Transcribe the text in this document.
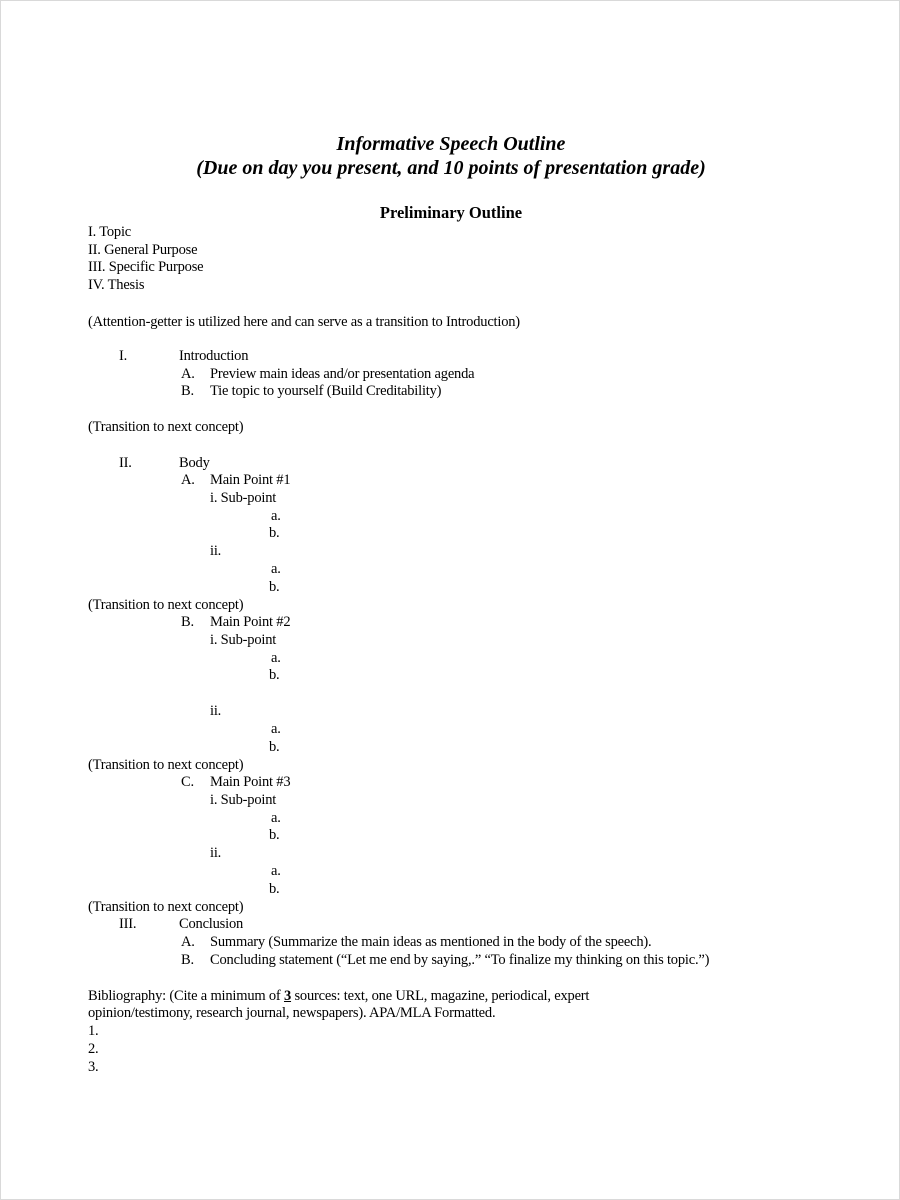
Informative Speech Outline
(Due on day you present, and 10 points of presentation grade)
Preliminary Outline
I. Topic
II. General Purpose
III. Specific Purpose
IV. Thesis
(Attention-getter is utilized here and can serve as a transition to Introduction)
I.	Introduction
A. Preview main ideas and/or presentation agenda
B. Tie topic to yourself (Build Creditability)
(Transition to next concept)
II.	Body
A. Main Point #1
i. Sub-point
a.
b.
ii.
a.
b.
(Transition to next concept)
B. Main Point #2
i. Sub-point
a.
b.
ii.
a.
b.
(Transition to next concept)
C. Main Point #3
i. Sub-point
a.
b.
ii.
a.
b.
(Transition to next concept)
III.	Conclusion
A. Summary (Summarize the main ideas as mentioned in the body of the speech).
B. Concluding statement (“Let me end by saying,.” “To finalize my thinking on this topic.”)
Bibliography: (Cite a minimum of 3 sources: text, one URL, magazine, periodical, expert
opinion/testimony, research journal, newspapers). APA/MLA Formatted.
1.
2.
3.
